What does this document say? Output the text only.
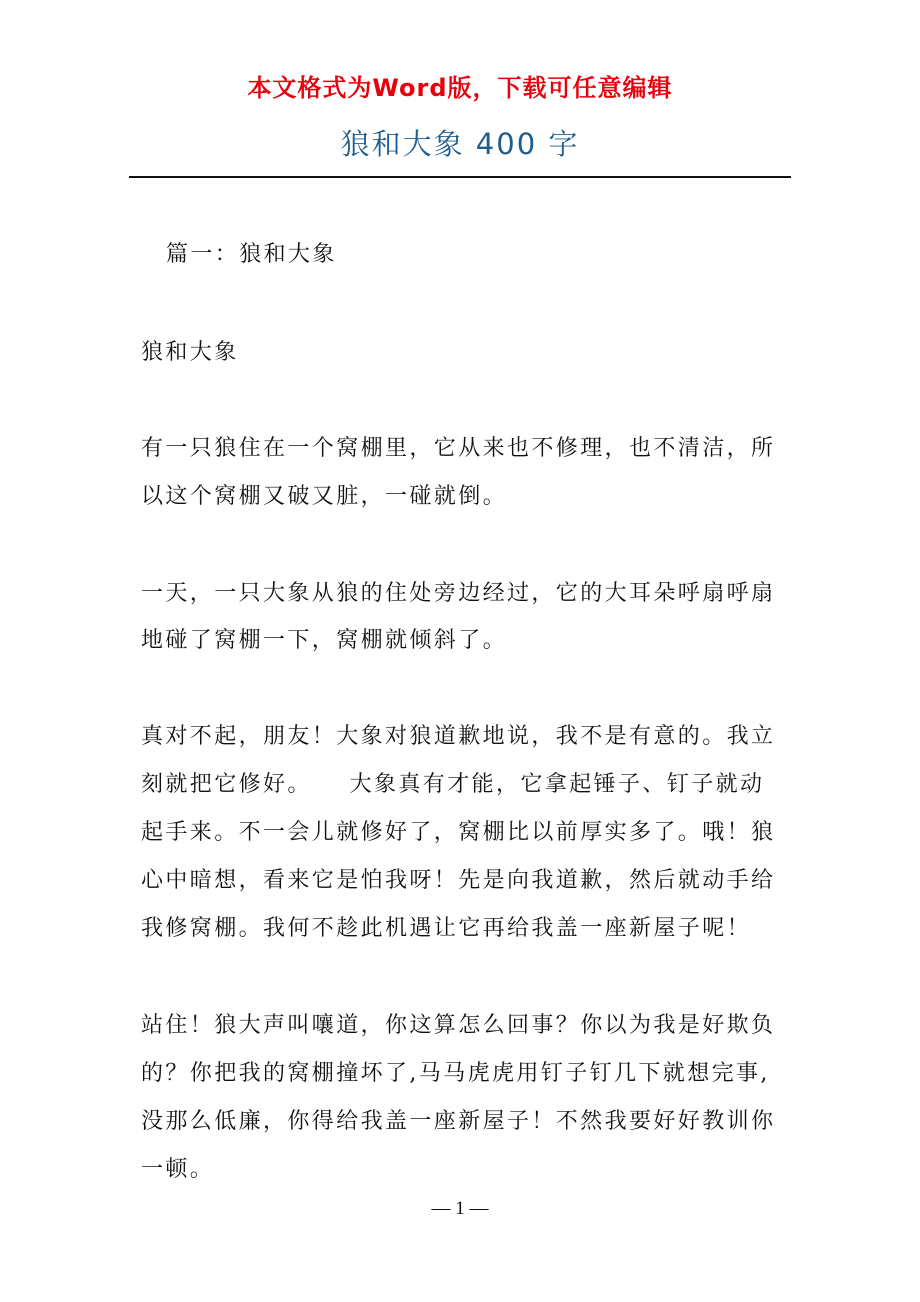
本文格式为Word版，下载可任意编辑
狼和大象 400 字
篇一：狼和大象
狼和大象
有一只狼住在一个窝棚里，它从来也不修理，也不清洁，所
以这个窝棚又破又脏，一碰就倒。
一天，一只大象从狼的住处旁边经过，它的大耳朵呼扇呼扇
地碰了窝棚一下，窝棚就倾斜了。
真对不起，朋友！大象对狼道歉地说，我不是有意的。我立
刻就把它修好。　　大象真有才能，它拿起锤子、钉子就动
起手来。不一会儿就修好了，窝棚比以前厚实多了。哦！狼
心中暗想，看来它是怕我呀！先是向我道歉，然后就动手给
我修窝棚。我何不趁此机遇让它再给我盖一座新屋子呢！
站住！狼大声叫嚷道，你这算怎么回事？你以为我是好欺负
的？你把我的窝棚撞坏了,马马虎虎用钉子钉几下就想完事,
没那么低廉，你得给我盖一座新屋子！不然我要好好教训你
一顿。
— 1 —
